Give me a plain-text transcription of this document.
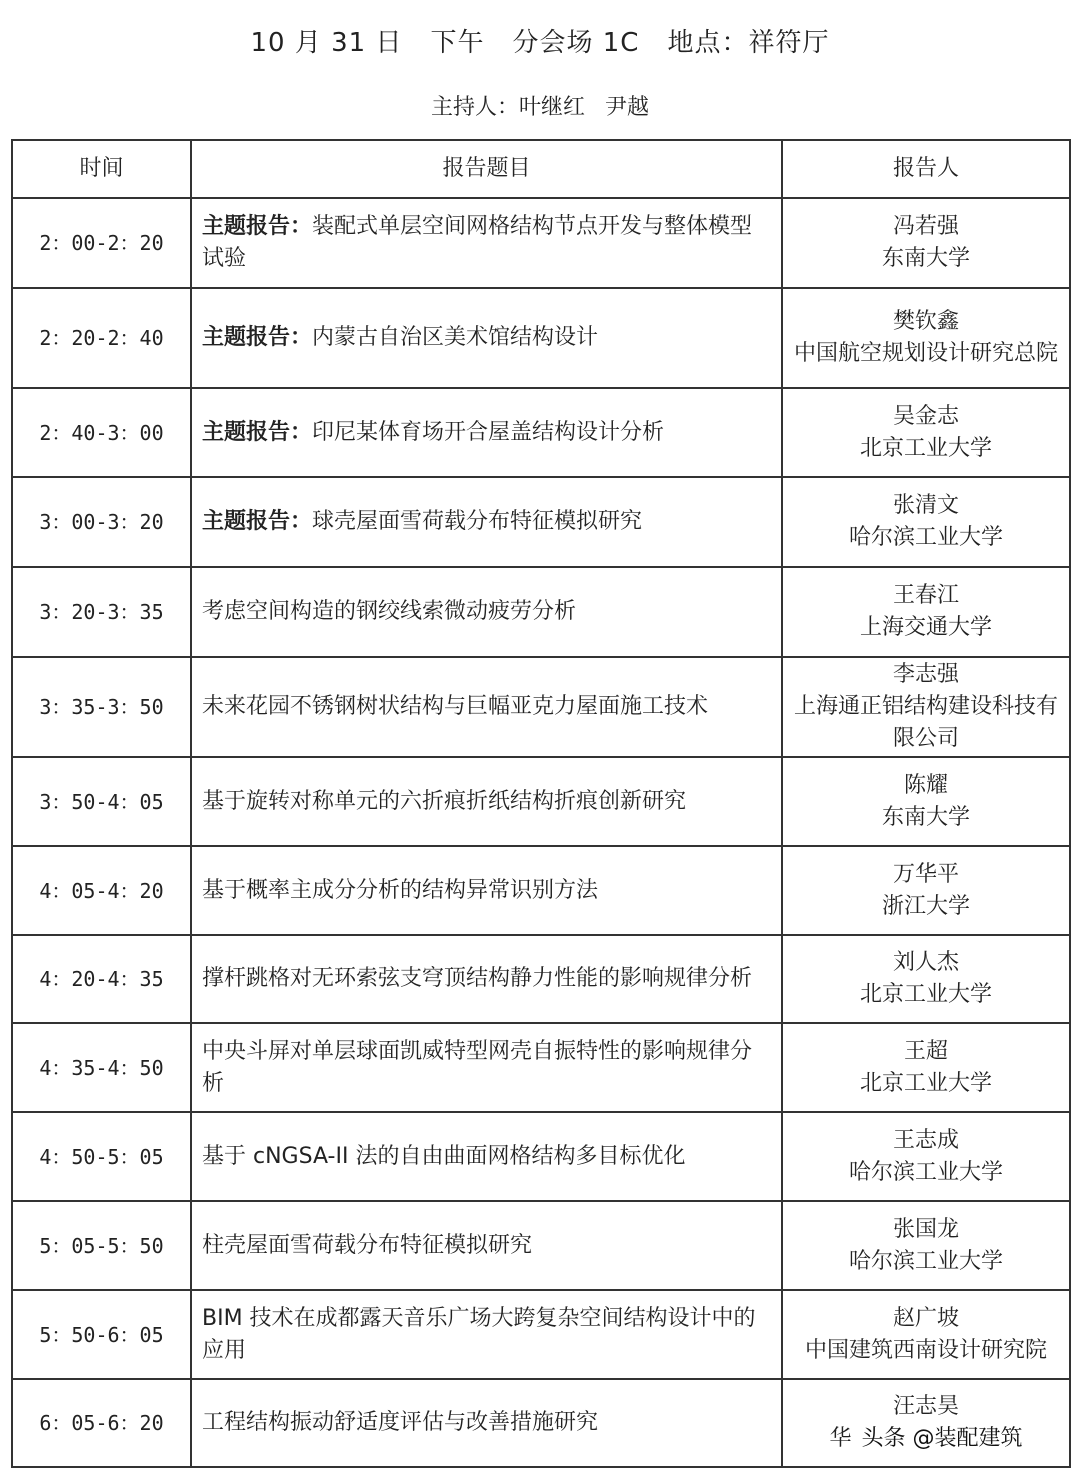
10 月 31 日 下午 分会场 1C 地点：祥符厅
主持人：叶继红 尹越
时间	报告题目	报告人
2：00-2：20	主题报告：装配式单层空间网格结构节点开发与整体模型试验	冯若强
东南大学

2：20-2：40	主题报告：内蒙古自治区美术馆结构设计	樊钦鑫
中国航空规划设计研究总院

2：40-3：00	主题报告：印尼某体育场开合屋盖结构设计分析	吴金志
北京工业大学

3：00-3：20	主题报告：球壳屋面雪荷载分布特征模拟研究	张清文
哈尔滨工业大学

3：20-3：35	考虑空间构造的钢绞线索微动疲劳分析	王春江
上海交通大学

3：35-3：50	未来花园不锈钢树状结构与巨幅亚克力屋面施工技术	李志强
上海通正铝结构建设科技有限公司

3：50-4：05	基于旋转对称单元的六折痕折纸结构折痕创新研究	陈耀
东南大学

4：05-4：20	基于概率主成分分析的结构异常识别方法	万华平
浙江大学

4：20-4：35	撑杆跳格对无环索弦支穹顶结构静力性能的影响规律分析	刘人杰
北京工业大学

4：35-4：50	中央斗屏对单层球面凯威特型网壳自振特性的影响规律分析	王超
北京工业大学

4：50-5：05	基于 cNGSA-II 法的自由曲面网格结构多目标优化	王志成
哈尔滨工业大学

5：05-5：50	柱壳屋面雪荷载分布特征模拟研究	张国龙
哈尔滨工业大学

5：50-6：05	BIM 技术在成都露天音乐广场大跨复杂空间结构设计中的应用	赵广坡
中国建筑西南设计研究院

6：05-6：20	工程结构振动舒适度评估与改善措施研究	汪志昊
华 头条 @装配建筑
